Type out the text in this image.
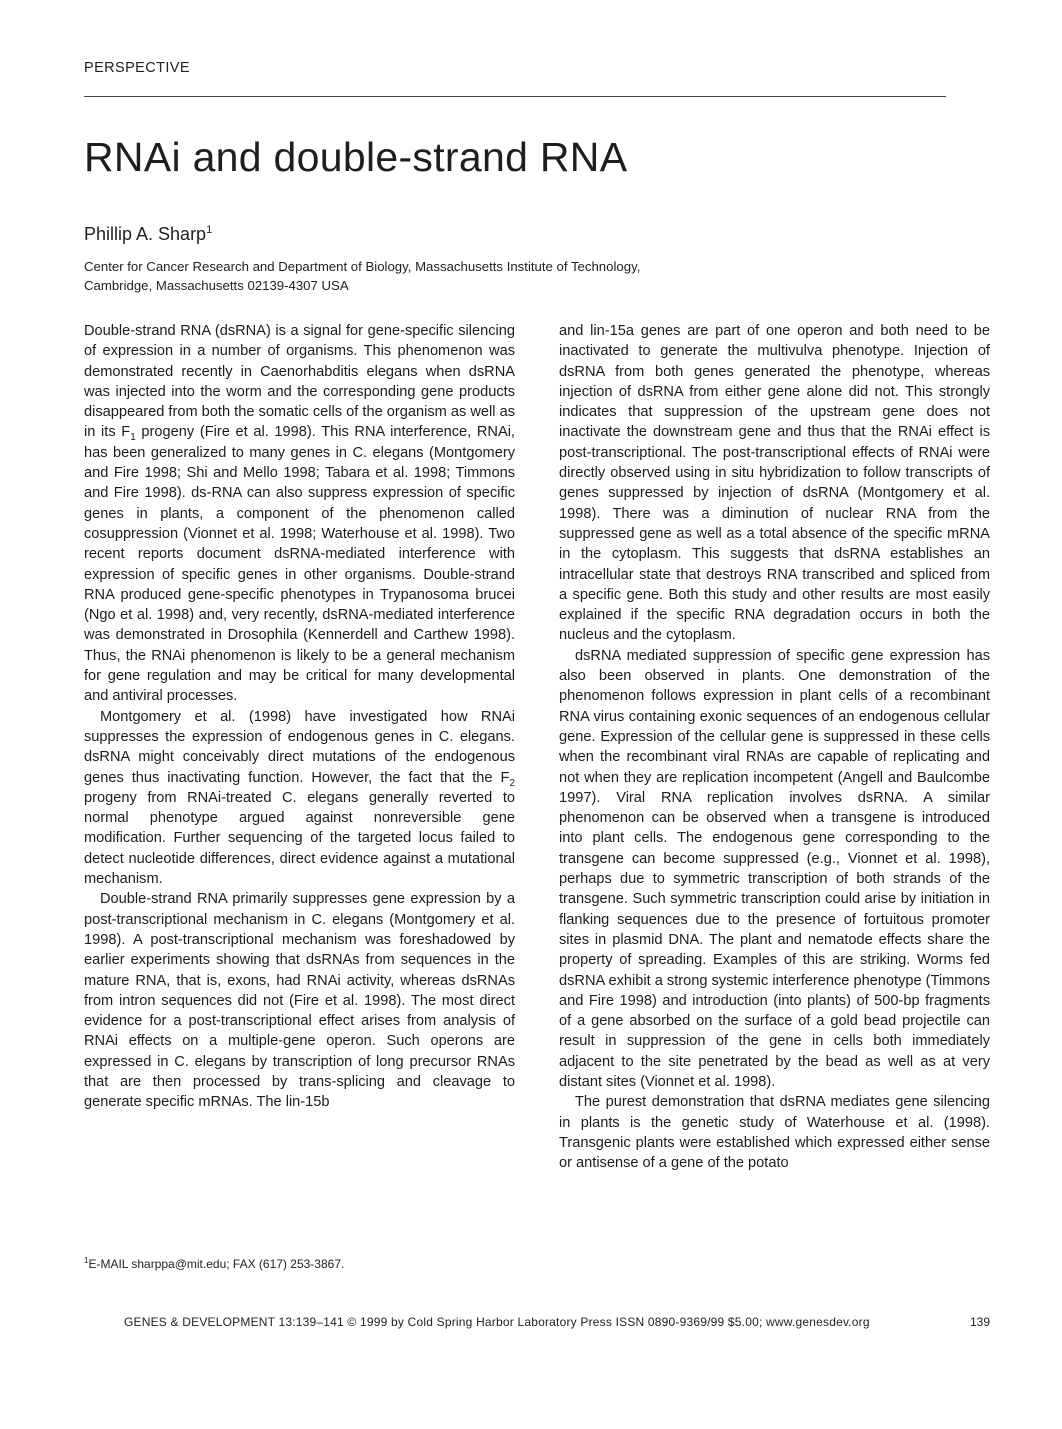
PERSPECTIVE
RNAi and double-strand RNA
Phillip A. Sharp$^1$
Center for Cancer Research and Department of Biology, Massachusetts Institute of Technology,
Cambridge, Massachusetts 02139-4307 USA

Double-strand RNA (dsRNA) is a signal for gene-specific silencing of expression in a number of organisms. This phenomenon was demonstrated recently in Caenorhabditis elegans when dsRNA was injected into the worm and the corresponding gene products disappeared from both the somatic cells of the organism as well as in its $F_1$ progeny (Fire et al. 1998). This RNA interference, RNAi, has been generalized to many genes in C. elegans (Montgomery and Fire 1998; Shi and Mello 1998; Tabara et al. 1998; Timmons and Fire 1998). ds-RNA can also suppress expression of specific genes in plants, a component of the phenomenon called cosuppression (Vionnet et al. 1998; Waterhouse et al. 1998). Two recent reports document dsRNA-mediated interference with expression of specific genes in other organisms. Double-strand RNA produced gene-specific phenotypes in Trypanosoma brucei (Ngo et al. 1998) and, very recently, dsRNA-mediated interference was demonstrated in Drosophila (Kennerdell and Carthew 1998). Thus, the RNAi phenomenon is likely to be a general mechanism for gene regulation and may be critical for many developmental and antiviral processes.

Montgomery et al. (1998) have investigated how RNAi suppresses the expression of endogenous genes in C. elegans. dsRNA might conceivably direct mutations of the endogenous genes thus inactivating function. However, the fact that the $F_2$ progeny from RNAi-treated C. elegans generally reverted to normal phenotype argued against nonreversible gene modification. Further sequencing of the targeted locus failed to detect nucleotide differences, direct evidence against a mutational mechanism.

Double-strand RNA primarily suppresses gene expression by a post-transcriptional mechanism in C. elegans (Montgomery et al. 1998). A post-transcriptional mechanism was foreshadowed by earlier experiments showing that dsRNAs from sequences in the mature RNA, that is, exons, had RNAi activity, whereas dsRNAs from intron sequences did not (Fire et al. 1998). The most direct evidence for a post-transcriptional effect arises from analysis of RNAi effects on a multiple-gene operon. Such operons are expressed in C. elegans by transcription of long precursor RNAs that are then processed by trans-splicing and cleavage to generate specific mRNAs. The lin-15b

and lin-15a genes are part of one operon and both need to be inactivated to generate the multivulva phenotype. Injection of dsRNA from both genes generated the phenotype, whereas injection of dsRNA from either gene alone did not. This strongly indicates that suppression of the upstream gene does not inactivate the downstream gene and thus that the RNAi effect is post-transcriptional. The post-transcriptional effects of RNAi were directly observed using in situ hybridization to follow transcripts of genes suppressed by injection of dsRNA (Montgomery et al. 1998). There was a diminution of nuclear RNA from the suppressed gene as well as a total absence of the specific mRNA in the cytoplasm. This suggests that dsRNA establishes an intracellular state that destroys RNA transcribed and spliced from a specific gene. Both this study and other results are most easily explained if the specific RNA degradation occurs in both the nucleus and the cytoplasm.

dsRNA mediated suppression of specific gene expression has also been observed in plants. One demonstration of the phenomenon follows expression in plant cells of a recombinant RNA virus containing exonic sequences of an endogenous cellular gene. Expression of the cellular gene is suppressed in these cells when the recombinant viral RNAs are capable of replicating and not when they are replication incompetent (Angell and Baulcombe 1997). Viral RNA replication involves dsRNA. A similar phenomenon can be observed when a transgene is introduced into plant cells. The endogenous gene corresponding to the transgene can become suppressed (e.g., Vionnet et al. 1998), perhaps due to symmetric transcription of both strands of the transgene. Such symmetric transcription could arise by initiation in flanking sequences due to the presence of fortuitous promoter sites in plasmid DNA. The plant and nematode effects share the property of spreading. Examples of this are striking. Worms fed dsRNA exhibit a strong systemic interference phenotype (Timmons and Fire 1998) and introduction (into plants) of 500-bp fragments of a gene absorbed on the surface of a gold bead projectile can result in suppression of the gene in cells both immediately adjacent to the site penetrated by the bead as well as at very distant sites (Vionnet et al. 1998).

The purest demonstration that dsRNA mediates gene silencing in plants is the genetic study of Waterhouse et al. (1998). Transgenic plants were established which expressed either sense or antisense of a gene of the potato

$^1$E-MAIL sharppa@mit.edu; FAX (617) 253-3867.
GENES & DEVELOPMENT 13:139–141 © 1999 by Cold Spring Harbor Laboratory Press ISSN 0890-9369/99 $5.00; www.genesdev.org	139
